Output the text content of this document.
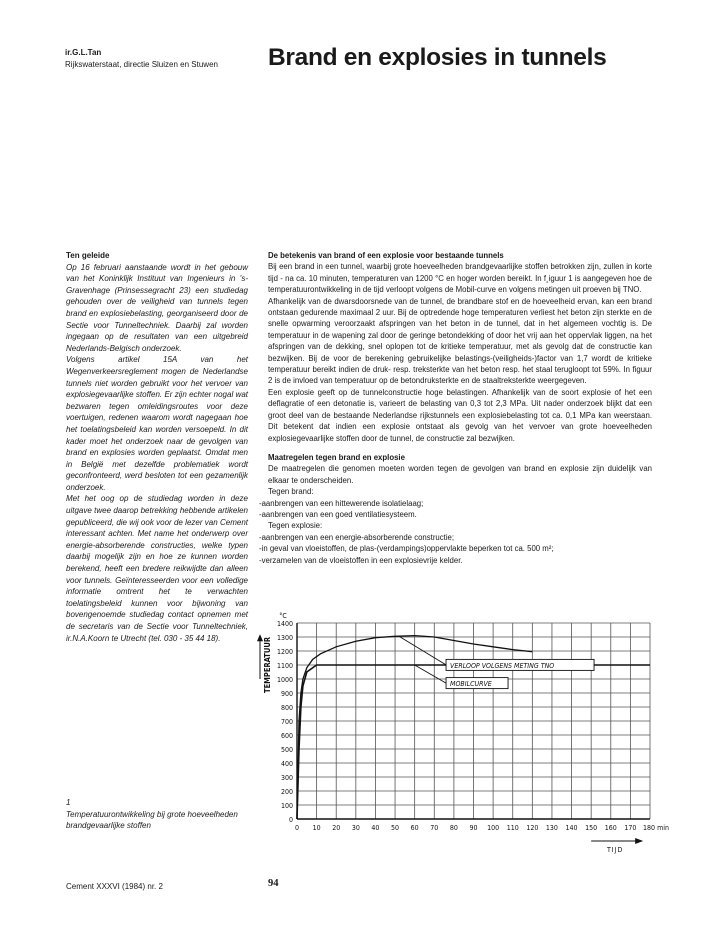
ir.G.L.Tan
Rijkswaterstaat, directie Sluizen en Stuwen Brand en explosies in tunnels
Ten geleide

Op 16 februari aanstaande wordt in het gebouw van het Koninklijk Instituut van Ingenieurs in 's-Gravenhage (Prinsessegracht 23) een studiedag gehouden over de veiligheid van tunnels tegen brand en explosiebelasting, georganiseerd door de Sectie voor Tunneltechniek. Daarbij zal worden ingegaan op de resultaten van een uitgebreid Nederlands-Belgisch onderzoek.

Volgens artikel 15A van het Wegenverkeersreglement mogen de Nederlandse tunnels niet worden gebruikt voor het vervoer van explosiegevaarlijke stoffen. Er zijn echter nogal wat bezwaren tegen omleidingsroutes voor deze voertuigen, redenen waarom wordt nagegaan hoe het toelatingsbeleid kan worden versoepeld. In dit kader moet het onderzoek naar de gevolgen van brand en explosies worden geplaatst. Omdat men in België met dezelfde problematiek wordt geconfronteerd, werd besloten tot een gezamenlijk onderzoek.

Met het oog op de studiedag worden in deze uitgave twee daarop betrekking hebbende artikelen gepubliceerd, die wij ook voor de lezer van Cement interessant achten. Met name het onderwerp over energie-absorberende constructies, welke typen daarbij mogelijk zijn en hoe ze kunnen worden berekend, heeft een bredere reikwijdte dan alleen voor tunnels. Geïnteresseerden voor een volledige informatie omtrent het te verwachten toelatingsbeleid kunnen voor bijwoning van bovengenoemde studiedag contact opnemen met de secretaris van de Sectie voor Tunneltechniek, ir.N.A.Koorn te Utrecht (tel. 030 - 35 44 18).

De betekenis van brand of een explosie voor bestaande tunnels

Bij een brand in een tunnel, waarbij grote hoeveelheden brandgevaarlijke stoffen betrokken zijn, zullen in korte tijd - na ca. 10 minuten, temperaturen van 1200 °C en hoger worden bereikt. In f¸iguur 1 is aangegeven hoe de temperatuurontwikkeling in de tijd verloopt volgens de Mobil-curve en volgens metingen uit proeven bij TNO.

Afhankelijk van de dwarsdoorsnede van de tunnel, de brandbare stof en de hoeveelheid ervan, kan een brand ontstaan gedurende maximaal 2 uur. Bij de optredende hoge temperaturen verliest het beton zijn sterkte en de snelle opwarming veroorzaakt afspringen van het beton in de tunnel, dat in het algemeen vochtig is. De temperatuur in de wapening zal door de geringe betondekking of door het vrij aan het oppervlak liggen, na het afspringen van de dekking, snel oplopen tot de kritieke temperatuur, met als gevolg dat de constructie kan bezwijken. Bij de voor de berekening gebruikelijke belastings-(veiligheids-)factor van 1,7 wordt de kritieke temperatuur bereikt indien de druk- resp. treksterkte van het beton resp. het staal terugloopt tot 59%. In figuur 2 is de invloed van temperatuur op de betondruksterkte en de staaltreksterkte weergegeven.

Een explosie geeft op de tunnelconstructie hoge belastingen. Afhankelijk van de soort explosie of het een deflagratie of een detonatie is, varieert de belasting van 0,3 tot 2,3 MPa. Uit nader onderzoek blijkt dat een groot deel van de bestaande Nederlandse rijkstunnels een explosiebelasting tot ca. 0,1 MPa kan weerstaan. Dit betekent dat indien een explosie ontstaat als gevolg van het vervoer van grote hoeveelheden explosiegevaarlijke stoffen door de tunnel, de constructie zal bezwijken.

Maatregelen tegen brand en explosie

De maatregelen die genomen moeten worden tegen de gevolgen van brand en explosie zijn duidelijk van elkaar te onderscheiden.

Tegen brand:
-aanbrengen van een hittewerende isolatielaag;
-aanbrengen van een goed ventilatiesysteem.
Tegen explosie:
-aanbrengen van een energie-absorberende constructie;
-in geval van vloeistoffen, de plas-(verdampings)oppervlakte beperken tot ca. 500 m²;
-verzamelen van de vloeistoffen in een explosievrije kelder.
0
100
200
300
400
500
600
700
800
900
1000
1100
1200
1300
1400
0 10 20 30 40 50 60 70 80 90 100 110 120 130 140 150 160 170 180 min
°C
TEMPERATUUR
TIJD
VERLOOP VOLGENS METING TNO
MOBILCURVE
1
Temperatuurontwikkeling bij grote hoeveelheden brandgevaarlijke stoffen
Cement XXXVI (1984) nr. 2	94
